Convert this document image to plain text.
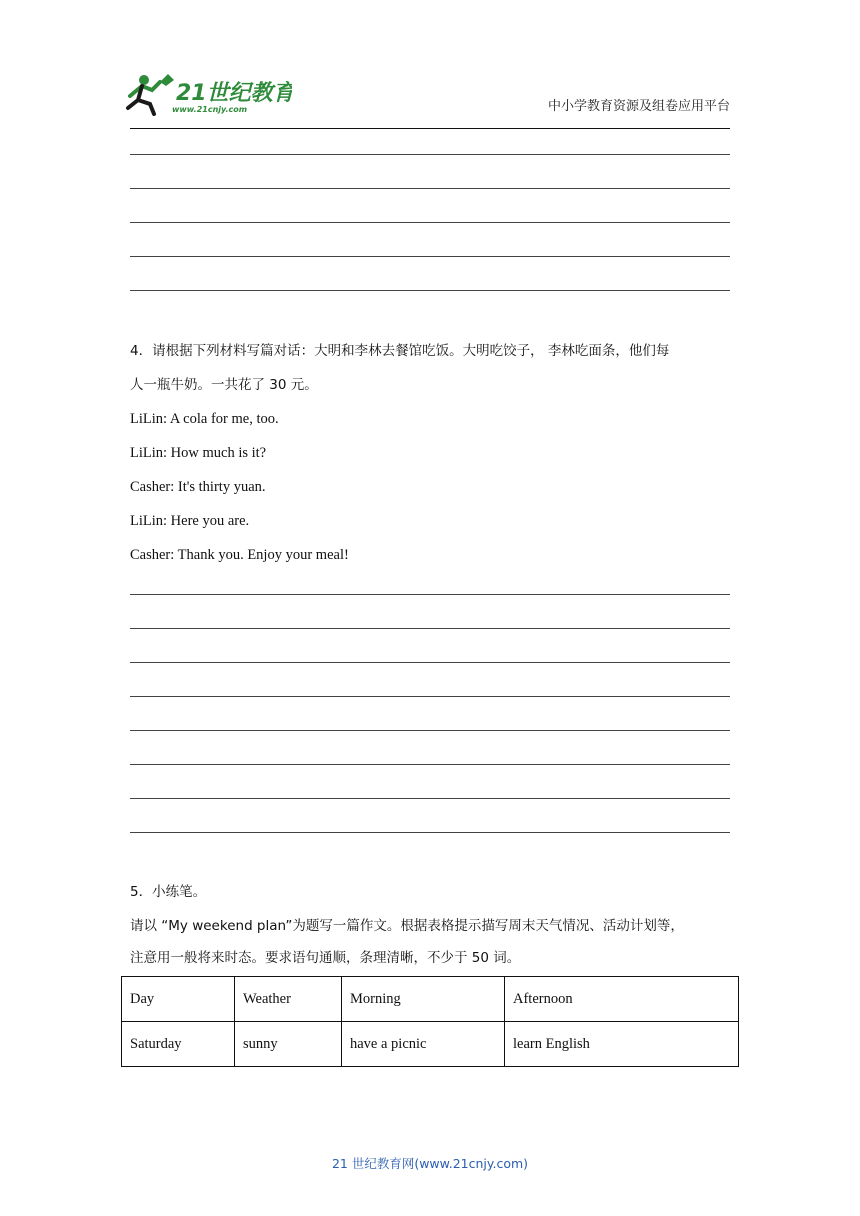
21世纪教育
www.21cnjy.com	中小学教育资源及组卷应用平台
4．请根据下列材料写篇对话：大明和李林去餐馆吃饭。大明吃饺子， 李林吃面条，他们每
人一瓶牛奶。一共花了 30 元。
LiLin: A cola for me, too.
LiLin: How much is it?
Casher: It's thirty yuan.
LiLin: Here you are.
Casher: Thank you. Enjoy your meal!
5．小练笔。
请以 “My weekend plan”为题写一篇作文。根据表格提示描写周末天气情况、活动计划等，
注意用一般将来时态。要求语句通顺，条理清晰，不少于 50 词。
Day	Weather	Morning	Afternoon
Saturday	sunny	have a picnic	learn English
21 世纪教育网(www.21cnjy.com)
